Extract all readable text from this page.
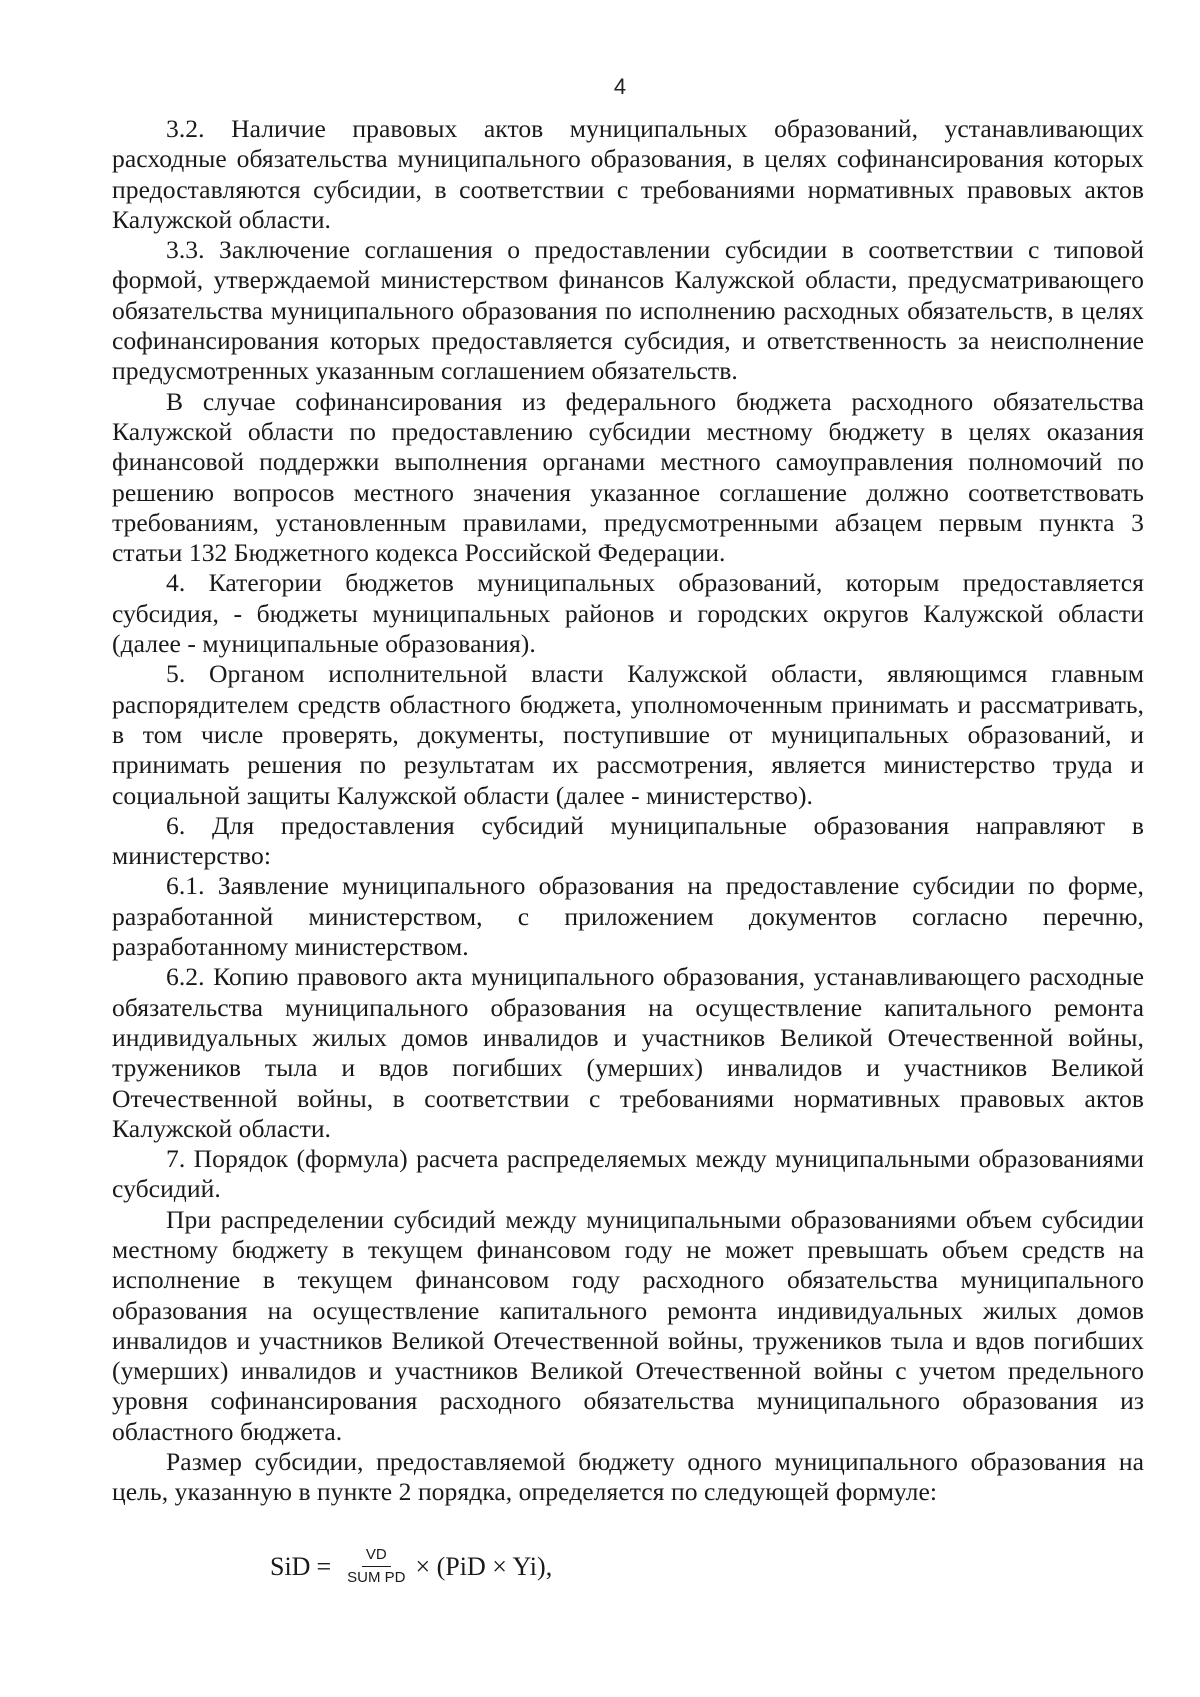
4

3.2. Наличие правовых актов муниципальных образований, устанавливающих расходные обязательства муниципального образования, в целях софинансирования которых предоставляются субсидии, в соответствии с требованиями нормативных правовых актов Калужской области.

3.3. Заключение соглашения о предоставлении субсидии в соответствии с типовой формой, утверждаемой министерством финансов Калужской области, предусматривающего обязательства муниципального образования по исполнению расходных обязательств, в целях софинансирования которых предоставляется субсидия, и ответственность за неисполнение предусмотренных указанным соглашением обязательств.

В случае софинансирования из федерального бюджета расходного обязательства Калужской области по предоставлению субсидии местному бюджету в целях оказания финансовой поддержки выполнения органами местного самоуправления полномочий по решению вопросов местного значения указанное соглашение должно соответствовать требованиям, установленным правилами, предусмотренными абзацем первым пункта 3 статьи 132 Бюджетного кодекса Российской Федерации.

4. Категории бюджетов муниципальных образований, которым предоставляется субсидия, - бюджеты муниципальных районов и городских округов Калужской области (далее - муниципальные образования).

5. Органом исполнительной власти Калужской области, являющимся главным распорядителем средств областного бюджета, уполномоченным принимать и рассматривать, в том числе проверять, документы, поступившие от муниципальных образований, и принимать решения по результатам их рассмотрения, является министерство труда и социальной защиты Калужской области (далее - министерство).

6. Для предоставления субсидий муниципальные образования направляют в министерство:

6.1. Заявление муниципального образования на предоставление субсидии по форме, разработанной министерством, с приложением документов согласно перечню, разработанному министерством.

6.2. Копию правового акта муниципального образования, устанавливающего расходные обязательства муниципального образования на осуществление капитального ремонта индивидуальных жилых домов инвалидов и участников Великой Отечественной войны, тружеников тыла и вдов погибших (умерших) инвалидов и участников Великой Отечественной войны, в соответствии с требованиями нормативных правовых актов Калужской области.

7. Порядок (формула) расчета распределяемых между муниципальными образованиями субсидий.

При распределении субсидий между муниципальными образованиями объем субсидии местному бюджету в текущем финансовом году не может превышать объем средств на исполнение в текущем финансовом году расходного обязательства муниципального образования на осуществление капитального ремонта индивидуальных жилых домов инвалидов и участников Великой Отечественной войны, тружеников тыла и вдов погибших (умерших) инвалидов и участников Великой Отечественной войны с учетом предельного уровня софинансирования расходного обязательства муниципального образования из областного бюджета.

Размер субсидии, предоставляемой бюджету одного муниципального образования на цель, указанную в пункте 2 порядка, определяется по следующей формуле:

SiD = $\frac{VD}{\text{SUM PD}} \times (PiD \times Yi)$,
